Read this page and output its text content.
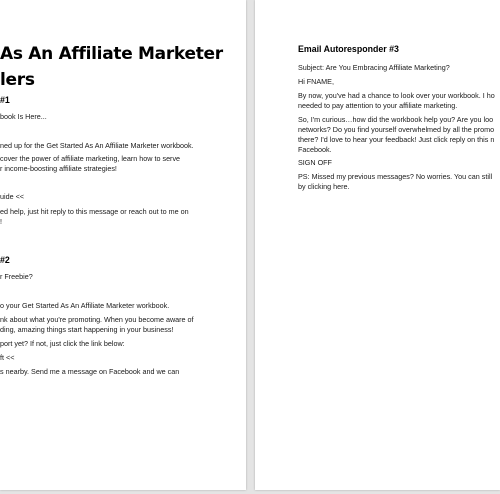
As An Affiliate Marketer
lers
#1
book Is Here...
ned up for the Get Started As An Affiliate Marketer workbook.
cover the power of affiliate marketing, learn how to serve
r income-boosting affiliate strategies!
uide <<
ed help, just hit reply to this message or reach out to me on
!
#2
r Freebie?
o your Get Started As An Affiliate Marketer workbook.
nk about what you're promoting. When you become aware of
ding, amazing things start happening in your business!
port yet? If not, just click the link below:
ft <<
s nearby. Send me a message on Facebook and we can
Email Autoresponder #3
Subject: Are You Embracing Affiliate Marketing?
Hi FNAME,
By now, you've had a chance to look over your workbook. I ho
needed to pay attention to your affiliate marketing.
So, I'm curious…how did the workbook help you? Are you loo
networks? Do you find yourself overwhelmed by all the promo
there? I'd love to hear your feedback! Just click reply on this n
Facebook.
SIGN OFF
PS: Missed my previous messages? No worries. You can still
by clicking here.
